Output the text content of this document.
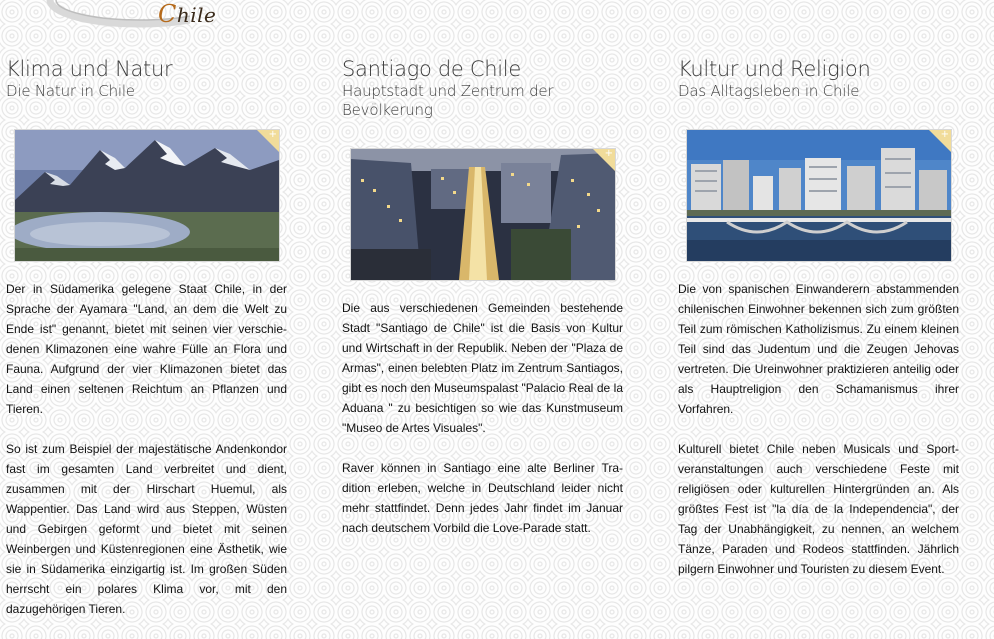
Chile
Klima und Natur
Die Natur in Chile
+

Der in Südamerika gelegene Staat Chile, in der Sprache der Ayamara "Land, an dem die Welt zu Ende ist" genannt, bietet mit seinen vier verschie-denen Klimazonen eine wahre Fülle an Flora und Fauna. Aufgrund der vier Klimazonen bietet das Land einen seltenen Reichtum an Pflanzen und Tieren.

So ist zum Beispiel der majestätische Andenkondor fast im gesamten Land verbreitet und dient, zusammen mit der Hirschart Huemul, als Wappentier. Das Land wird aus Steppen, Wüsten und Gebirgen geformt und bietet mit seinen Weinbergen und Küstenregionen eine Ästhetik, wie sie in Südamerika einzigartig ist. Im großen Süden herrscht ein polares Klima vor, mit den dazugehörigen Tieren.

Santiago de Chile
Hauptstadt und Zentrum der Bevölkerung
+

Die aus verschiedenen Gemeinden bestehende Stadt "Santiago de Chile" ist die Basis von Kultur und Wirtschaft in der Republik. Neben der "Plaza de Armas", einen belebten Platz im Zentrum Santiagos, gibt es noch den Museumspalast "Palacio Real de la Aduana " zu besichtigen so wie das Kunstmuseum "Museo de Artes Visuales".

Raver können in Santiago eine alte Berliner Tra-dition erleben, welche in Deutschland leider nicht mehr stattfindet. Denn jedes Jahr findet im Januar nach deutschem Vorbild die Love-Parade statt.

Kultur und Religion
Das Alltagsleben in Chile
+

Die von spanischen Einwanderern abstammenden chilenischen Einwohner bekennen sich zum größten Teil zum römischen Katholizismus. Zu einem kleinen Teil sind das Judentum und die Zeugen Jehovas vertreten. Die Ureinwohner praktizieren anteilig oder als Hauptreligion den Schamanismus ihrer Vorfahren.

Kulturell bietet Chile neben Musicals und Sport-veranstaltungen auch verschiedene Feste mit religiösen oder kulturellen Hintergründen an. Als größtes Fest ist "la día de la Independencia", der Tag der Unabhängigkeit, zu nennen, an welchem Tänze, Paraden und Rodeos stattfinden. Jährlich pilgern Einwohner und Touristen zu diesem Event.
